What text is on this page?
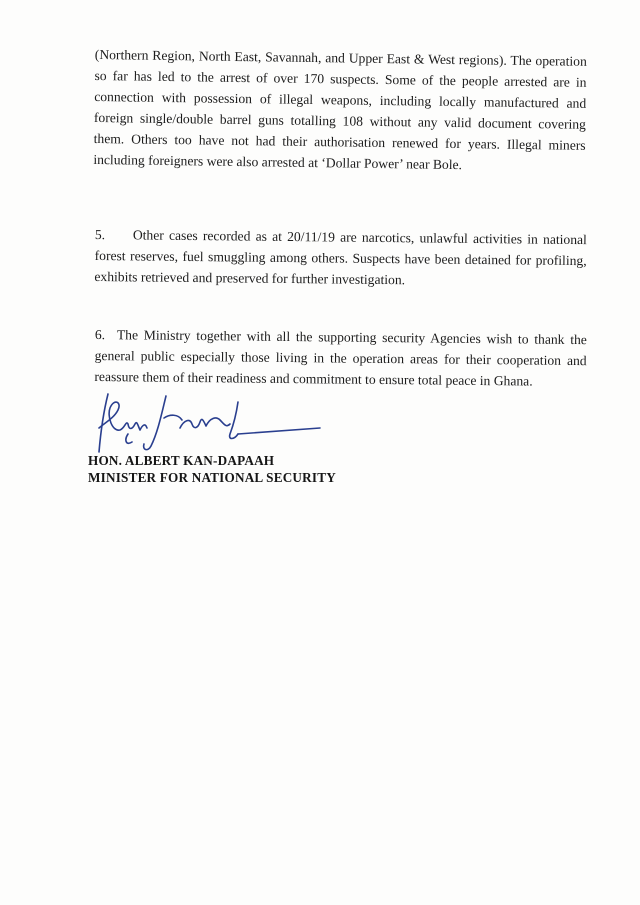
(Northern Region, North East, Savannah, and Upper East & West regions). The operation so far has led to the arrest of over 170 suspects. Some of the people arrested are in connection with possession of illegal weapons, including locally manufactured and foreign single/double barrel guns totalling 108 without any valid document covering them. Others too have not had their authorisation renewed for years. Illegal miners including foreigners were also arrested at ‘Dollar Power’ near Bole.

5. Other cases recorded as at 20/11/19 are narcotics, unlawful activities in national forest reserves, fuel smuggling among others. Suspects have been detained for profiling, exhibits retrieved and preserved for further investigation.

6. The Ministry together with all the supporting security Agencies wish to thank the general public especially those living in the operation areas for their cooperation and reassure them of their readiness and commitment to ensure total peace in Ghana.

HON. ALBERT KAN-DAPAAH
MINISTER FOR NATIONAL SECURITY
